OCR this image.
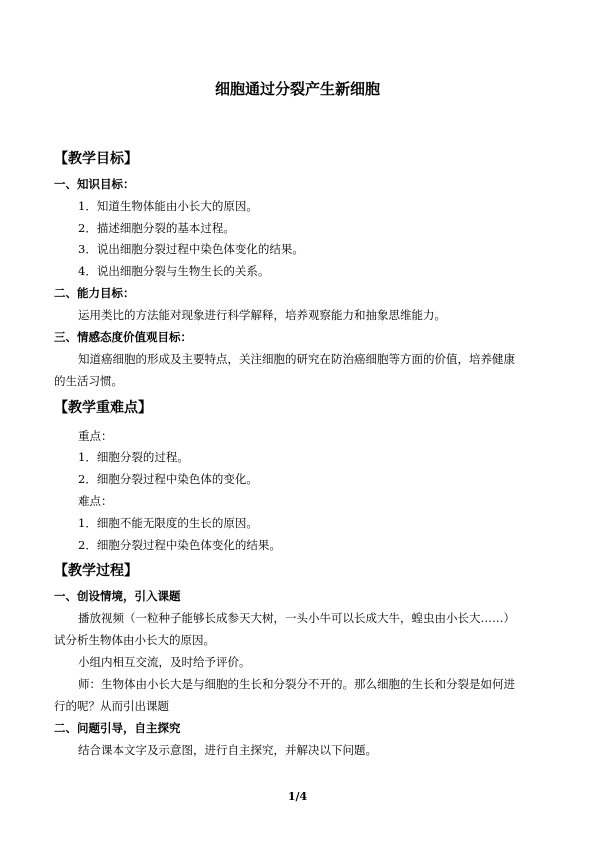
细胞通过分裂产生新细胞
【教学目标】
一、知识目标：
1．知道生物体能由小长大的原因。
2．描述细胞分裂的基本过程。
3．说出细胞分裂过程中染色体变化的结果。
4．说出细胞分裂与生物生长的关系。
二、能力目标：
运用类比的方法能对现象进行科学解释，培养观察能力和抽象思维能力。
三、情感态度价值观目标：
知道癌细胞的形成及主要特点，关注细胞的研究在防治癌细胞等方面的价值，培养健康
的生活习惯。
【教学重难点】
重点：
1．细胞分裂的过程。
2．细胞分裂过程中染色体的变化。
难点：
1．细胞不能无限度的生长的原因。
2．细胞分裂过程中染色体变化的结果。
【教学过程】
一、创设情境，引入课题
播放视频（一粒种子能够长成参天大树，一头小牛可以长成大牛，蝗虫由小长大……）
试分析生物体由小长大的原因。
小组内相互交流，及时给予评价。
师：生物体由小长大是与细胞的生长和分裂分不开的。那么细胞的生长和分裂是如何进
行的呢？从而引出课题
二、问题引导，自主探究
结合课本文字及示意图，进行自主探究，并解决以下问题。
1/4
